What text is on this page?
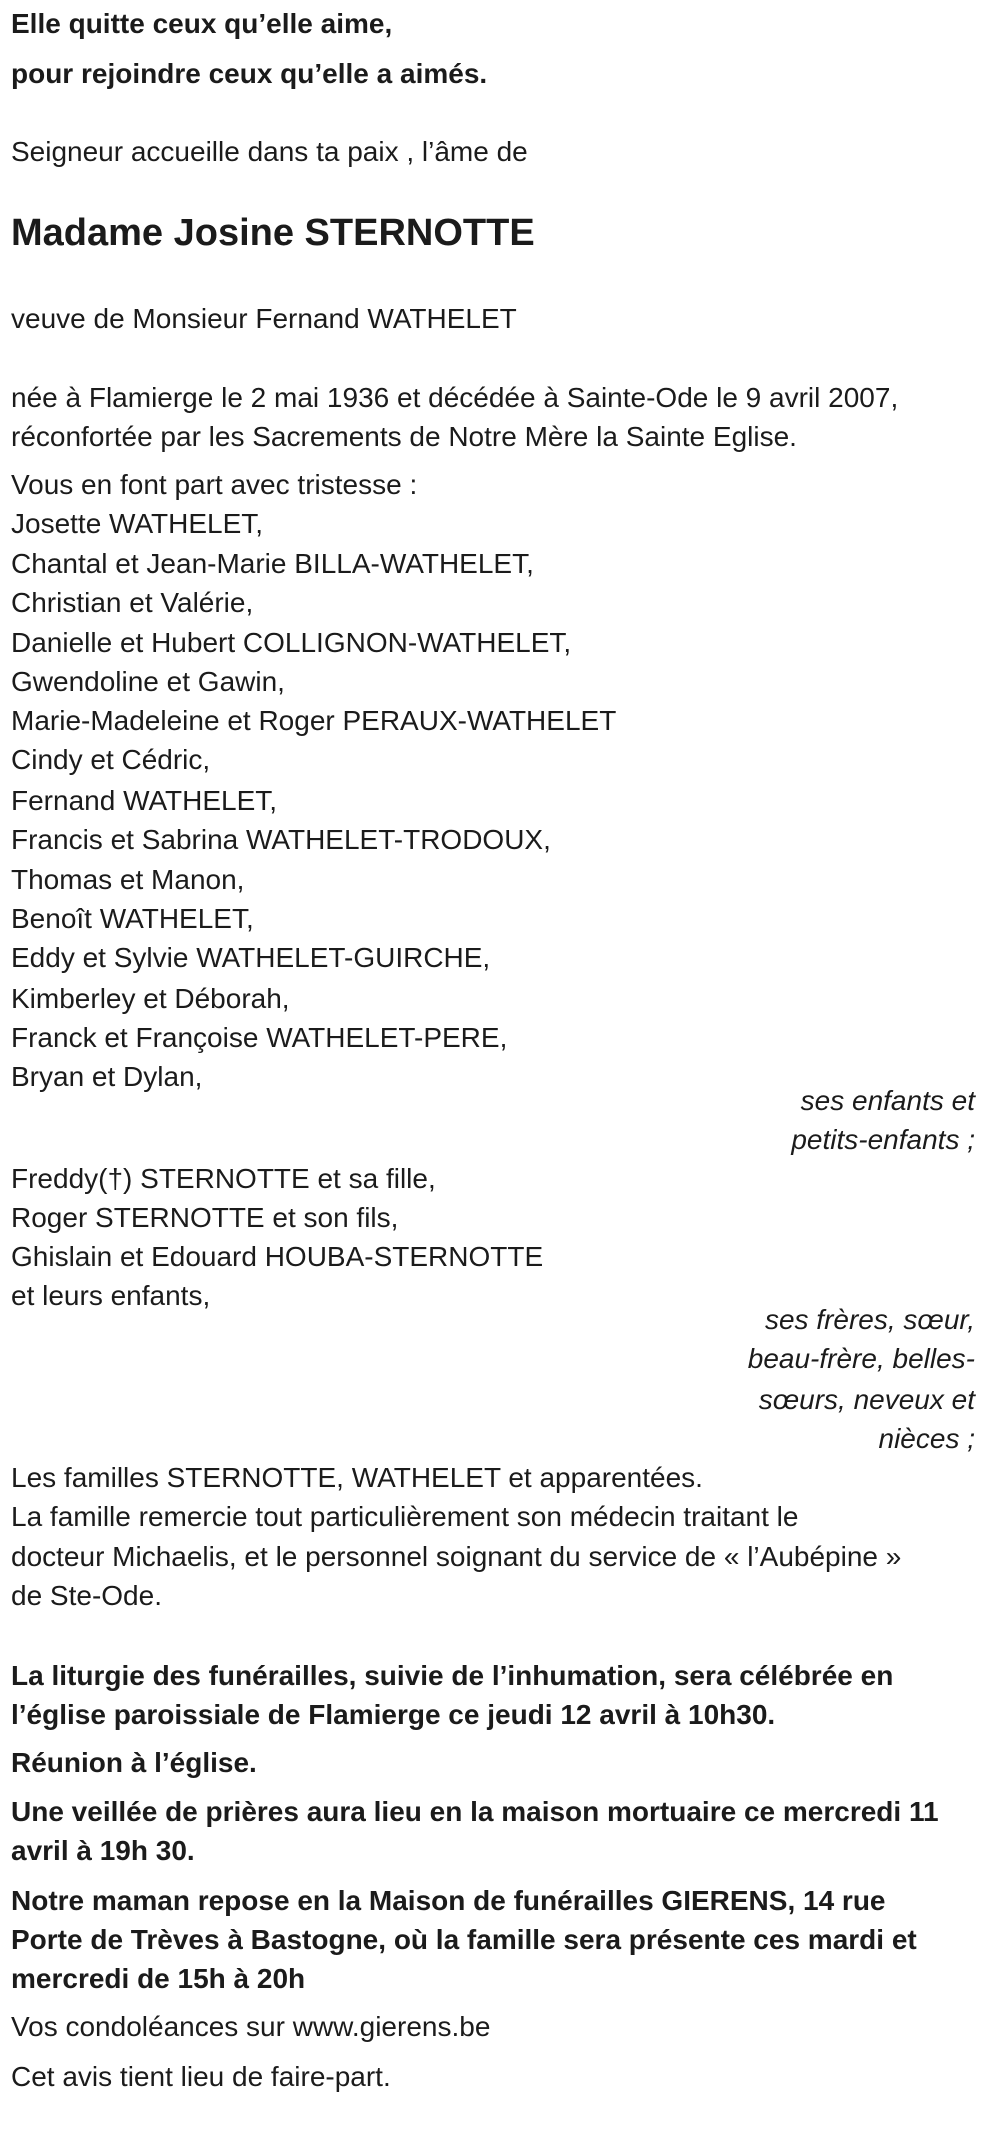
Elle quitte ceux qu’elle aime,
pour rejoindre ceux qu’elle a aimés.
Seigneur accueille dans ta paix , l’âme de
Madame Josine STERNOTTE
veuve de Monsieur Fernand WATHELET
née à Flamierge le 2 mai 1936 et décédée à Sainte-Ode le 9 avril 2007,
réconfortée par les Sacrements de Notre Mère la Sainte Eglise.
Vous en font part avec tristesse :
Josette WATHELET,
Chantal et Jean-Marie BILLA-WATHELET,
Christian et Valérie,
Danielle et Hubert COLLIGNON-WATHELET,
Gwendoline et Gawin,
Marie-Madeleine et Roger PERAUX-WATHELET
Cindy et Cédric,
Fernand WATHELET,
Francis et Sabrina WATHELET-TRODOUX,
Thomas et Manon,
Benoît WATHELET,
Eddy et Sylvie WATHELET-GUIRCHE,
Kimberley et Déborah,
Franck et Françoise WATHELET-PERE,
Bryan et Dylan,
ses enfants et
petits-enfants ;
Freddy(†) STERNOTTE et sa fille,
Roger STERNOTTE et son fils,
Ghislain et Edouard HOUBA-STERNOTTE
et leurs enfants,
ses frères, sœur,
beau-frère, belles-
sœurs, neveux et
nièces ;
Les familles STERNOTTE, WATHELET et apparentées.
La famille remercie tout particulièrement son médecin traitant le
docteur Michaelis, et le personnel soignant du service de « l’Aubépine »
de Ste-Ode.
La liturgie des funérailles, suivie de l’inhumation, sera célébrée en
l’église paroissiale de Flamierge ce jeudi 12 avril à 10h30.
Réunion à l’église.
Une veillée de prières aura lieu en la maison mortuaire ce mercredi 11
avril à 19h 30.
Notre maman repose en la Maison de funérailles GIERENS, 14 rue
Porte de Trèves à Bastogne, où la famille sera présente ces mardi et
mercredi de 15h à 20h
Vos condoléances sur www.gierens.be
Cet avis tient lieu de faire-part.
